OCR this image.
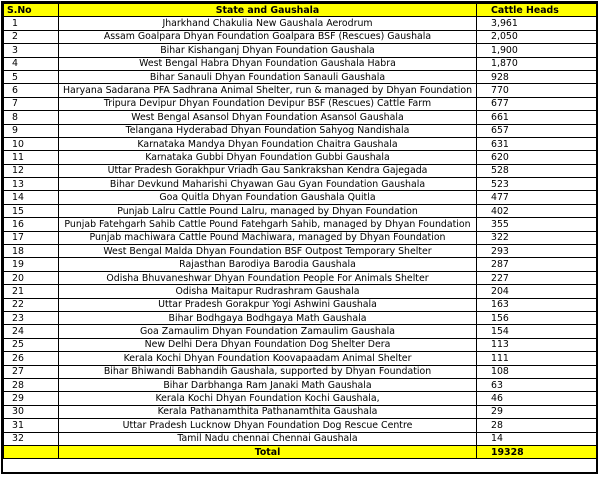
S.No	State and Gaushala	Cattle Heads
1	Jharkhand Chakulia New Gaushala Aerodrum	3,961
2	Assam Goalpara Dhyan Foundation Goalpara BSF (Rescues) Gaushala	2,050
3	Bihar Kishanganj Dhyan Foundation Gaushala	1,900
4	West Bengal Habra Dhyan Foundation Gaushala Habra	1,870
5	Bihar Sanauli Dhyan Foundation Sanauli Gaushala	928
6	Haryana Sadarana PFA Sadhrana Animal Shelter, run & managed by Dhyan Foundation	770
7	Tripura Devipur Dhyan Foundation Devipur BSF (Rescues) Cattle Farm	677
8	West Bengal Asansol Dhyan Foundation Asansol Gaushala	661
9	Telangana Hyderabad Dhyan Foundation Sahyog Nandishala	657
10	Karnataka Mandya Dhyan Foundation Chaitra Gaushala	631
11	Karnataka Gubbi Dhyan Foundation Gubbi Gaushala	620
12	Uttar Pradesh Gorakhpur Vriadh Gau Sankrakshan Kendra Gajegada	528
13	Bihar Devkund Maharishi Chyawan Gau Gyan Foundation Gaushala	523
14	Goa Quitla Dhyan Foundation Gaushala Quitla	477
15	Punjab Lalru Cattle Pound Lalru, managed by Dhyan Foundation	402
16	Punjab Fatehgarh Sahib Cattle Pound Fatehgarh Sahib, managed by Dhyan Foundation	355
17	Punjab machiwara Cattle Pound Machiwara, managed by Dhyan Foundation	322
18	West Bengal Malda Dhyan Foundation BSF Outpost Temporary Shelter	293
19	Rajasthan Barodiya Barodia Gaushala	287
20	Odisha Bhuvaneshwar Dhyan Foundation People For Animals Shelter	227
21	Odisha Maitapur Rudrashram Gaushala	204
22	Uttar Pradesh Gorakpur Yogi Ashwini Gaushala	163
23	Bihar Bodhgaya Bodhgaya Math Gaushala	156
24	Goa Zamaulim Dhyan Foundation Zamaulim Gaushala	154
25	New Delhi Dera Dhyan Foundation Dog Shelter Dera	113
26	Kerala Kochi Dhyan Foundation Koovapaadam Animal Shelter	111
27	Bihar Bhiwandi Babhandih Gaushala, supported by Dhyan Foundation	108
28	Bihar Darbhanga Ram Janaki Math Gaushala	63
29	Kerala Kochi Dhyan Foundation Kochi Gaushala,	46
30	Kerala Pathanamthita Pathanamthita Gaushala	29
31	Uttar Pradesh Lucknow Dhyan Foundation Dog Rescue Centre	28
32	Tamil Nadu chennai Chennai Gaushala	14
	Total	19328
